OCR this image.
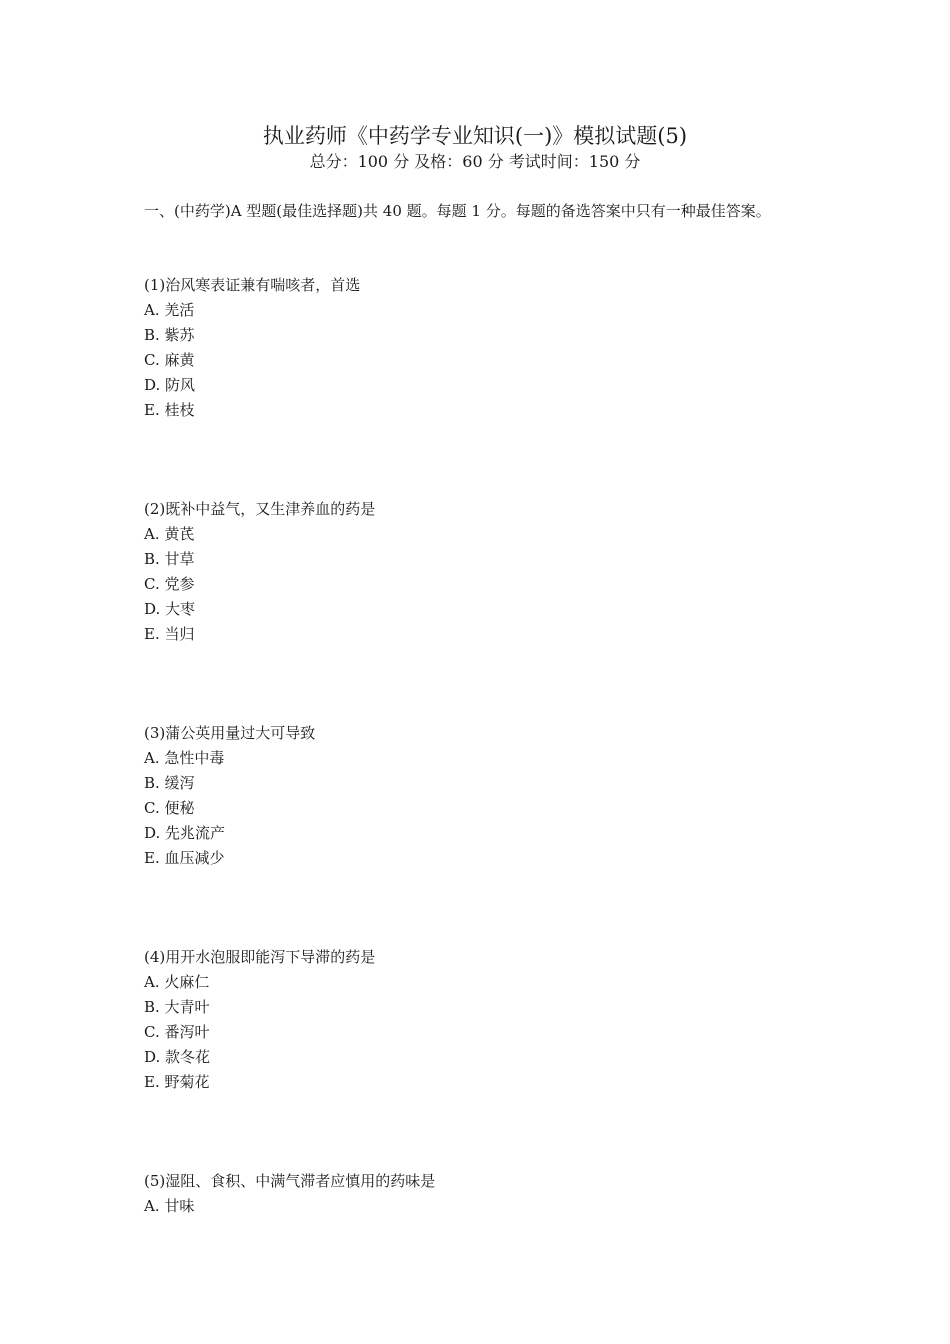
执业药师《中药学专业知识(一)》模拟试题(5)
总分：100 分 及格：60 分 考试时间：150 分
一、(中药学)A 型题(最佳选择题)共 40 题。每题 1 分。每题的备选答案中只有一种最佳答案。
(1)治风寒表证兼有喘咳者，首选
A. 羌活
B. 紫苏
C. 麻黄
D. 防风
E. 桂枝
(2)既补中益气，又生津养血的药是
A. 黄芪
B. 甘草
C. 党参
D. 大枣
E. 当归
(3)蒲公英用量过大可导致
A. 急性中毒
B. 缓泻
C. 便秘
D. 先兆流产
E. 血压减少
(4)用开水泡服即能泻下导滞的药是
A. 火麻仁
B. 大青叶
C. 番泻叶
D. 款冬花
E. 野菊花
(5)湿阻、食积、中满气滞者应慎用的药味是
A. 甘味
